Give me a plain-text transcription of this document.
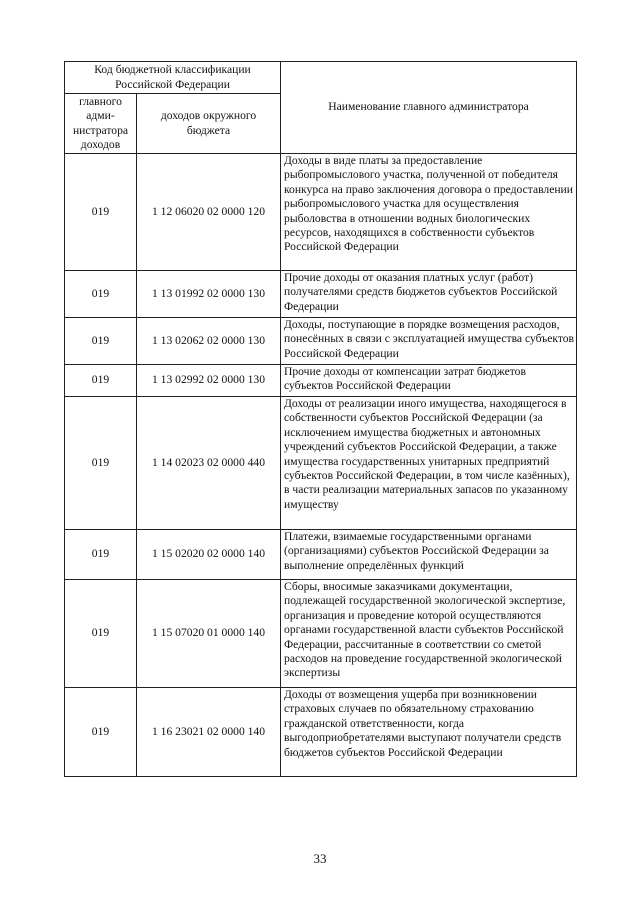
Код бюджетной классификации Российской Федерации		Наименование главного администратора
главного адми-нистратора доходов	доходов окружного бюджета	
019	1 12 06020 02 0000 120	Доходы в виде платы за предоставление рыбопромыслового участка, полученной от победителя конкурса на право заключения договора о предоставлении рыбопромыслового участка для осуществления рыболовства в отношении водных биологических ресурсов, находящихся в собственности субъектов Российской Федерации
019	1 13 01992 02 0000 130	Прочие доходы от оказания платных услуг (работ) получателями средств бюджетов субъектов Российской Федерации
019	1 13 02062 02 0000 130	Доходы, поступающие в порядке возмещения расходов, понесённых в связи с эксплуатацией имущества субъектов Российской Федерации
019	1 13 02992 02 0000 130	Прочие доходы от компенсации затрат бюджетов субъектов Российской Федерации
019	1 14 02023 02 0000 440	Доходы от реализации иного имущества, находящегося в собственности субъектов Российской Федерации (за исключением имущества бюджетных и автономных учреждений субъектов Российской Федерации, а также имущества государственных унитарных предприятий субъектов Российской Федерации, в том числе казённых), в части реализации материальных запасов по указанному имуществу
019	1 15 02020 02 0000 140	Платежи, взимаемые государственными органами (организациями) субъектов Российской Федерации за выполнение определённых функций
019	1 15 07020 01 0000 140	Сборы, вносимые заказчиками документации, подлежащей государственной экологической экспертизе, организация и проведение которой осуществляются органами государственной власти субъектов Российской Федерации, рассчитанные в соответствии со сметой расходов на проведение государственной экологической экспертизы
019	1 16 23021 02 0000 140	Доходы от возмещения ущерба при возникновении страховых случаев по обязательному страхованию гражданской ответственности, когда выгодоприобретателями выступают получатели средств бюджетов субъектов Российской Федерации
33
